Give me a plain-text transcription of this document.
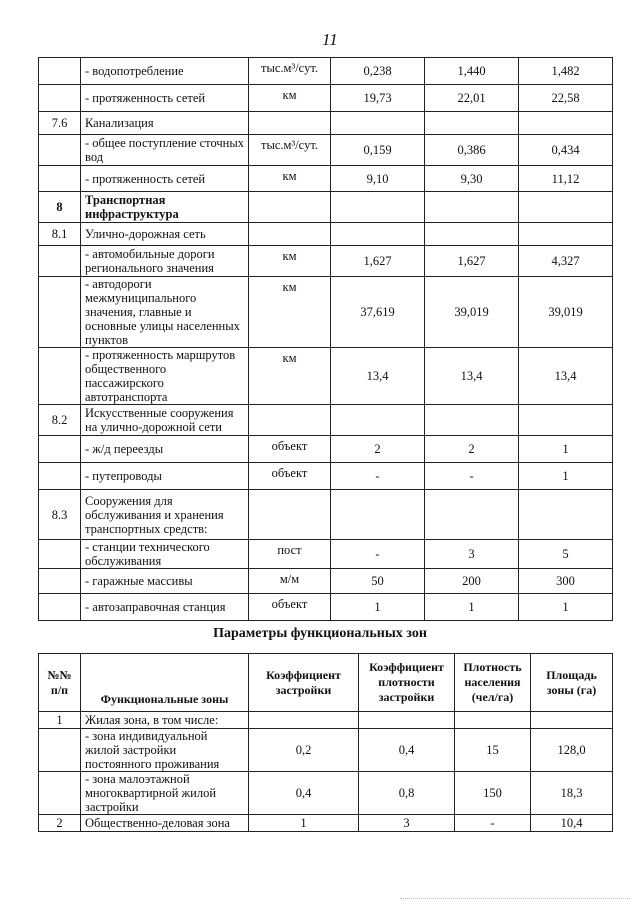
11
	- водопотребление	тыс.м³/сут.	0,238	1,440	1,482
	- протяженность сетей	км	19,73	22,01	22,58
7.6	Канализация				
	- общее поступление сточных вод	тыс.м³/сут.	0,159	0,386	0,434
	- протяженность сетей	км	9,10	9,30	11,12
8	Транспортная инфраструктура				
8.1	Улично-дорожная сеть				
	- автомобильные дороги регионального значения	км	1,627	1,627	4,327
	- автодороги межмуниципального значения, главные и основные улицы населенных пунктов	км	37,619	39,019	39,019
	- протяженность маршрутов общественного пассажирского автотранспорта	км	13,4	13,4	13,4
8.2	Искусственные сооружения на улично-дорожной сети				
	- ж/д переезды	объект	2	2	1
	- путепроводы	объект	-	-	1
8.3	Сооружения для обслуживания и хранения транспортных средств:				
	- станции технического обслуживания	пост	-	3	5
	- гаражные массивы	м/м	50	200	300
	- автозаправочная станция	объект	1	1	1
Параметры функциональных зон
№№ п/п	Функциональные зоны	Коэффициент застройки	Коэффициент плотности застройки	Плотность населения (чел/га)	Площадь зоны (га)
1	Жилая зона, в том числе:				
	- зона индивидуальной жилой застройки постоянного проживания	0,2	0,4	15	128,0
	- зона малоэтажной многоквартирной жилой застройки	0,4	0,8	150	18,3
2	Общественно-деловая зона	1	3	-	10,4
